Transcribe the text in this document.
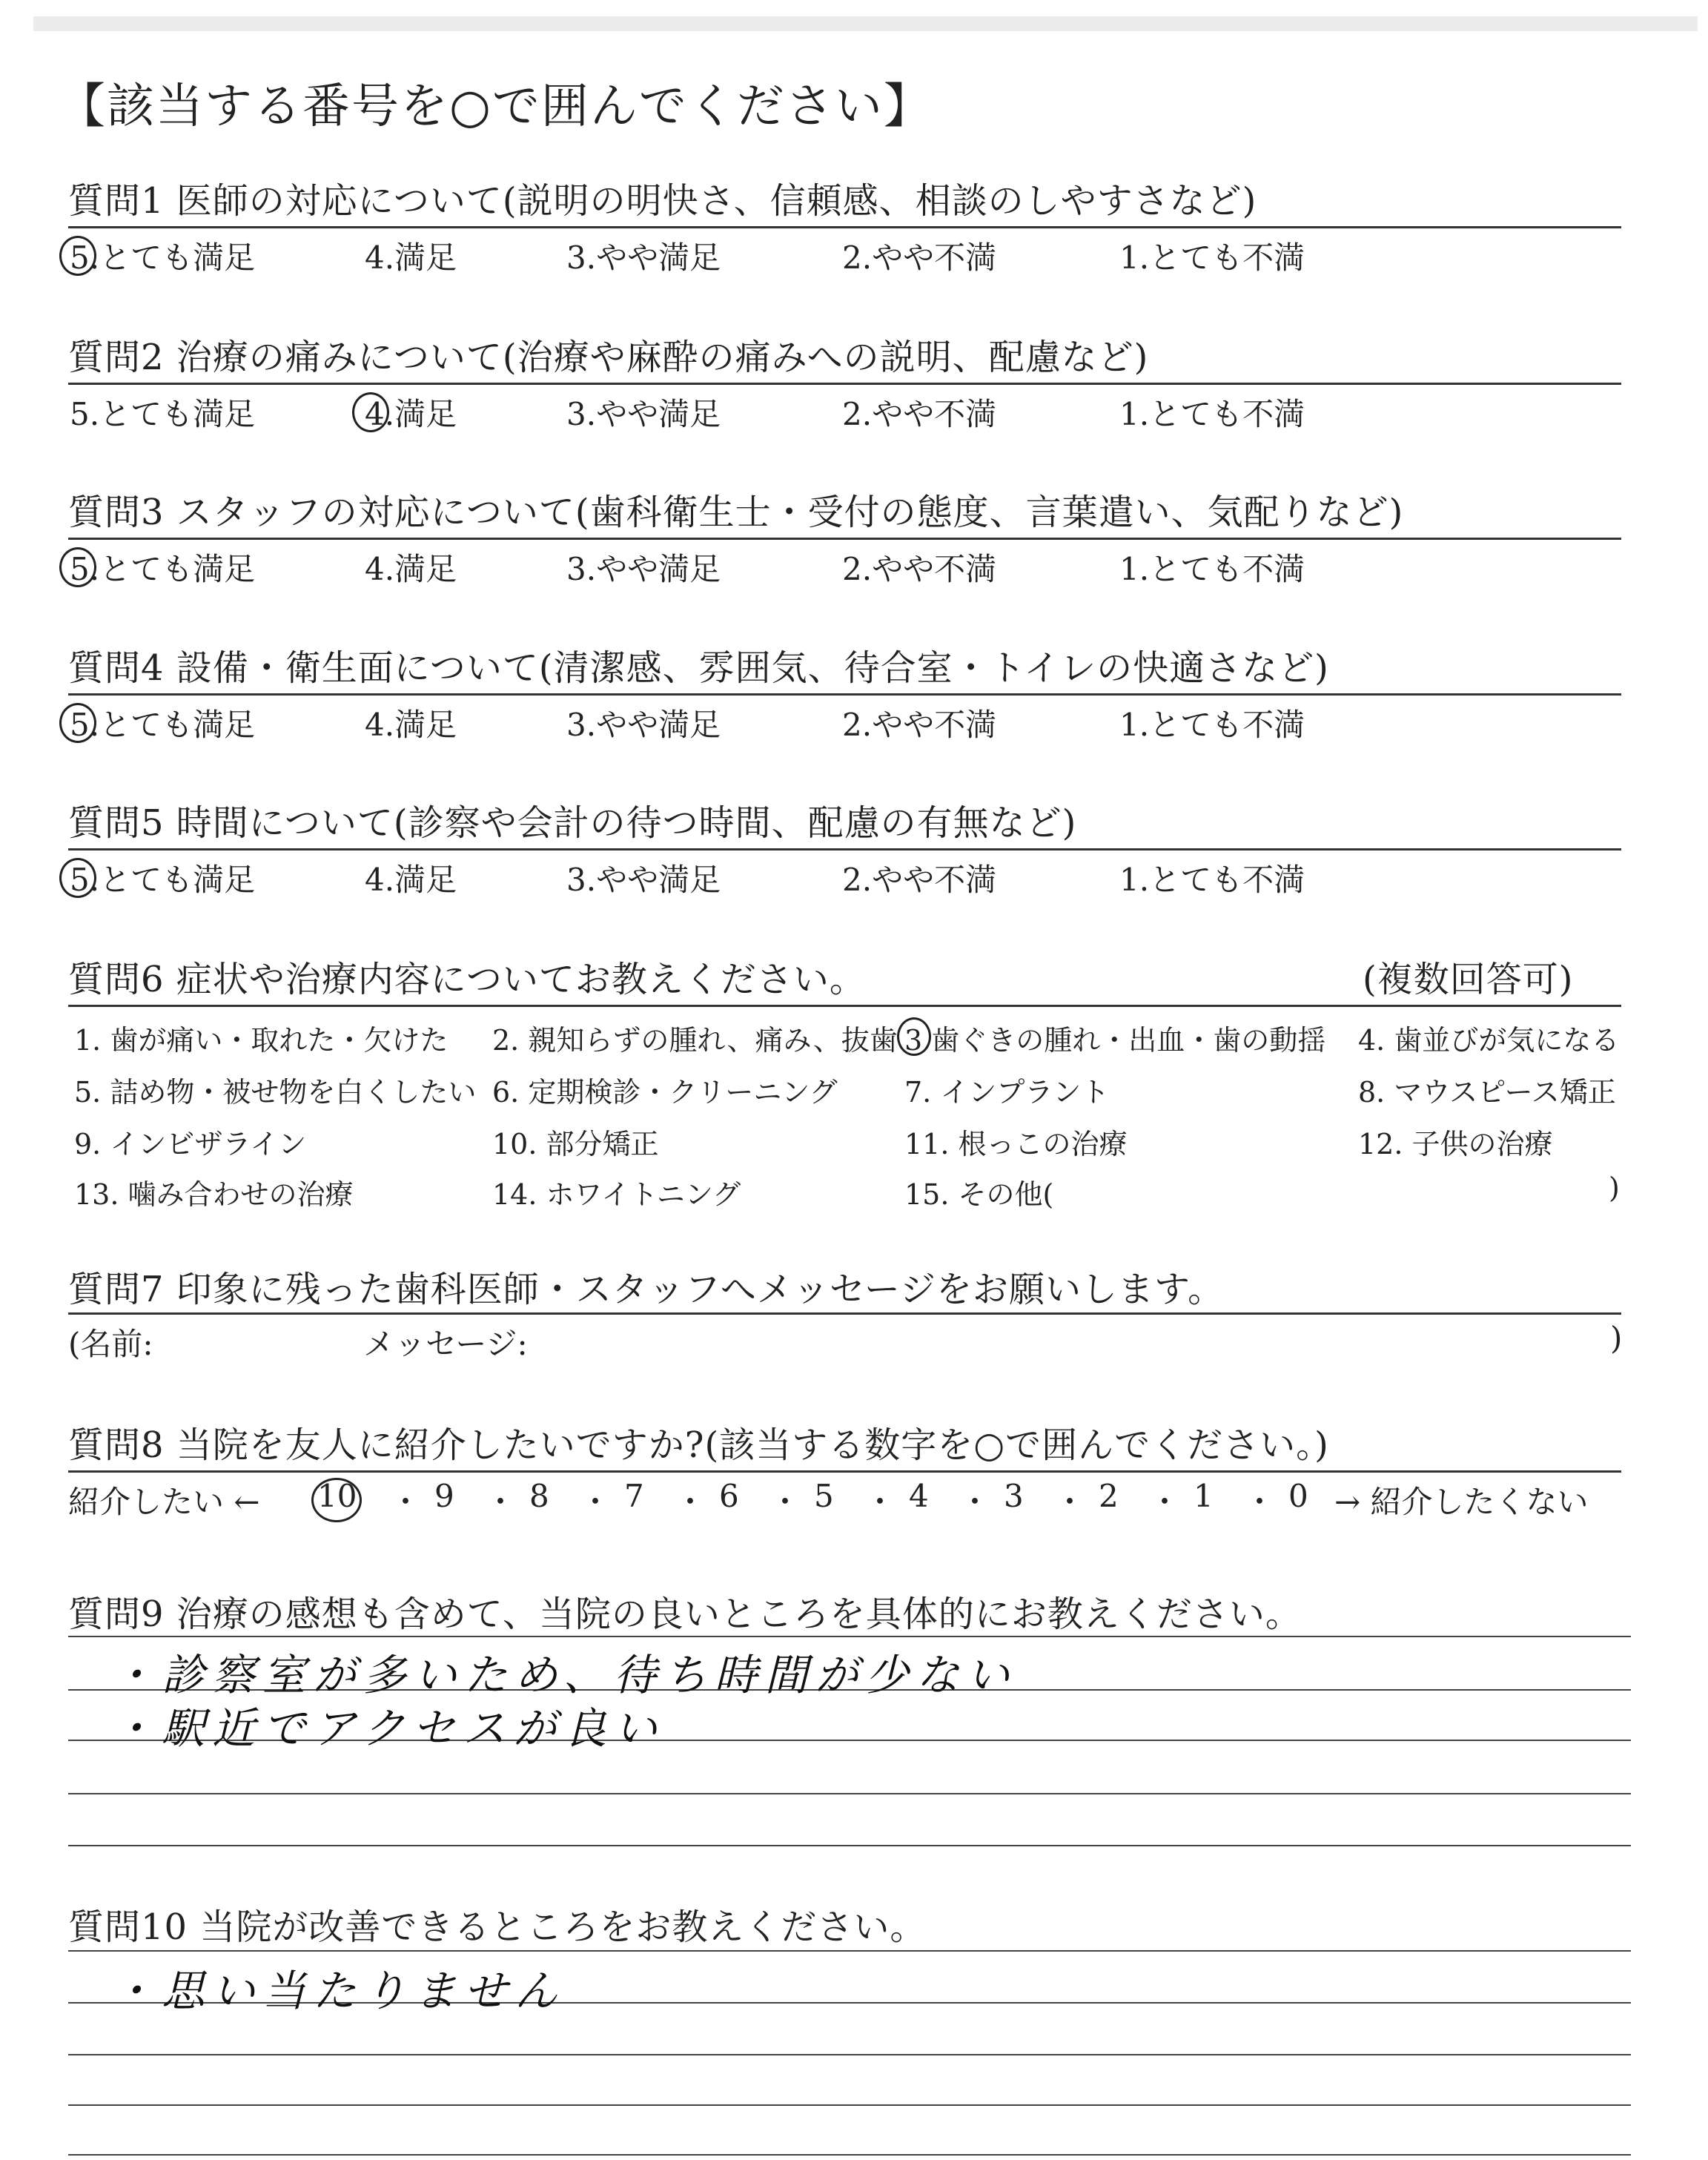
【該当する番号を○で囲んでください】
質問1 医師の対応について(説明の明快さ、信頼感、相談のしやすさなど)
5.とても満足	4.満足	3.やや満足	2.やや不満	1.とても不満
質問2 治療の痛みについて(治療や麻酔の痛みへの説明、配慮など)
5.とても満足	4.満足	3.やや満足	2.やや不満	1.とても不満
質問3 スタッフの対応について(歯科衛生士・受付の態度、言葉遣い、気配りなど)
5.とても満足	4.満足	3.やや満足	2.やや不満	1.とても不満
質問4 設備・衛生面について(清潔感、雰囲気、待合室・トイレの快適さなど)
5.とても満足	4.満足	3.やや満足	2.やや不満	1.とても不満
質問5 時間について(診察や会計の待つ時間、配慮の有無など)
5.とても満足	4.満足	3.やや満足	2.やや不満	1.とても不満
質問6 症状や治療内容についてお教えください。	(複数回答可)
1. 歯が痛い・取れた・欠けた 2. 親知らずの腫れ、痛み、抜歯 3 歯ぐきの腫れ・出血・歯の動揺 4. 歯並びが気になる
5. 詰め物・被せ物を白くしたい 6. 定期検診・クリーニング 7. インプラント	8. マウスピース矯正
9. インビザライン	10. 部分矯正	11. 根っこの治療	12. 子供の治療
13. 噛み合わせの治療	14. ホワイトニング	15. その他(	)
質問7 印象に残った歯科医師・スタッフへメッセージをお願いします。
(名前:	メッセージ:	)
質問8 当院を友人に紹介したいですか?(該当する数字を○で囲んでください。)
紹介したい ← 10 ・ 9 ・ 8 ・ 7 ・ 6 ・ 5 ・ 4 ・ 3 ・ 2 ・ 1 ・ 0 → 紹介したくない
質問9 治療の感想も含めて、当院の良いところを具体的にお教えください。
・診察室が多いため、待ち時間が少ない
・駅近でアクセスが良い
質問10 当院が改善できるところをお教えください。
・思い当たりません
